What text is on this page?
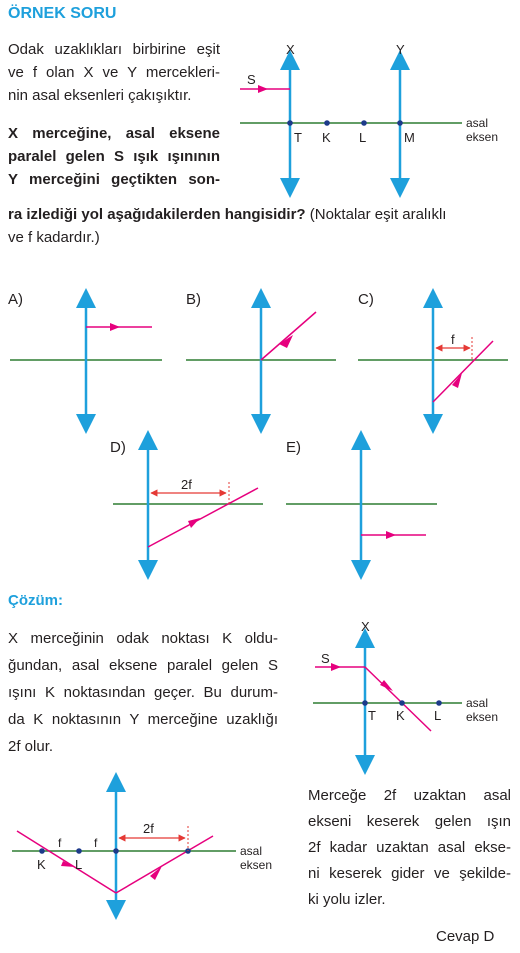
ÖRNEK SORU
Odak uzaklıkları birbirine eşit
ve f olan X ve Y mercekleri-
nin asal eksenleri çakışıktır.
X merceğine, asal eksene
paralel gelen S ışık ışınının
Y merceğini geçtikten son-
ra izlediği yol aşağıdakilerden hangisidir? (Noktalar eşit aralıklı
ve f kadardır.)
X	Y
S
T K L	M
asal
eksen
A)	B)	C)
f
D)
2f
E)
Çözüm:
X merceğinin odak noktası K oldu-
ğundan, asal eksene paralel gelen S
ışını K noktasından geçer. Bu durum-
da K noktasının Y merceğine uzaklığı
2f olur.
X
S
T K L
asal
eksen
K L
f	f
2f
asal
eksen
Merceğe 2f uzaktan asal
ekseni keserek gelen ışın
2f kadar uzaktan asal ekse-
ni keserek gider ve şekilde-
ki yolu izler.
Cevap D
